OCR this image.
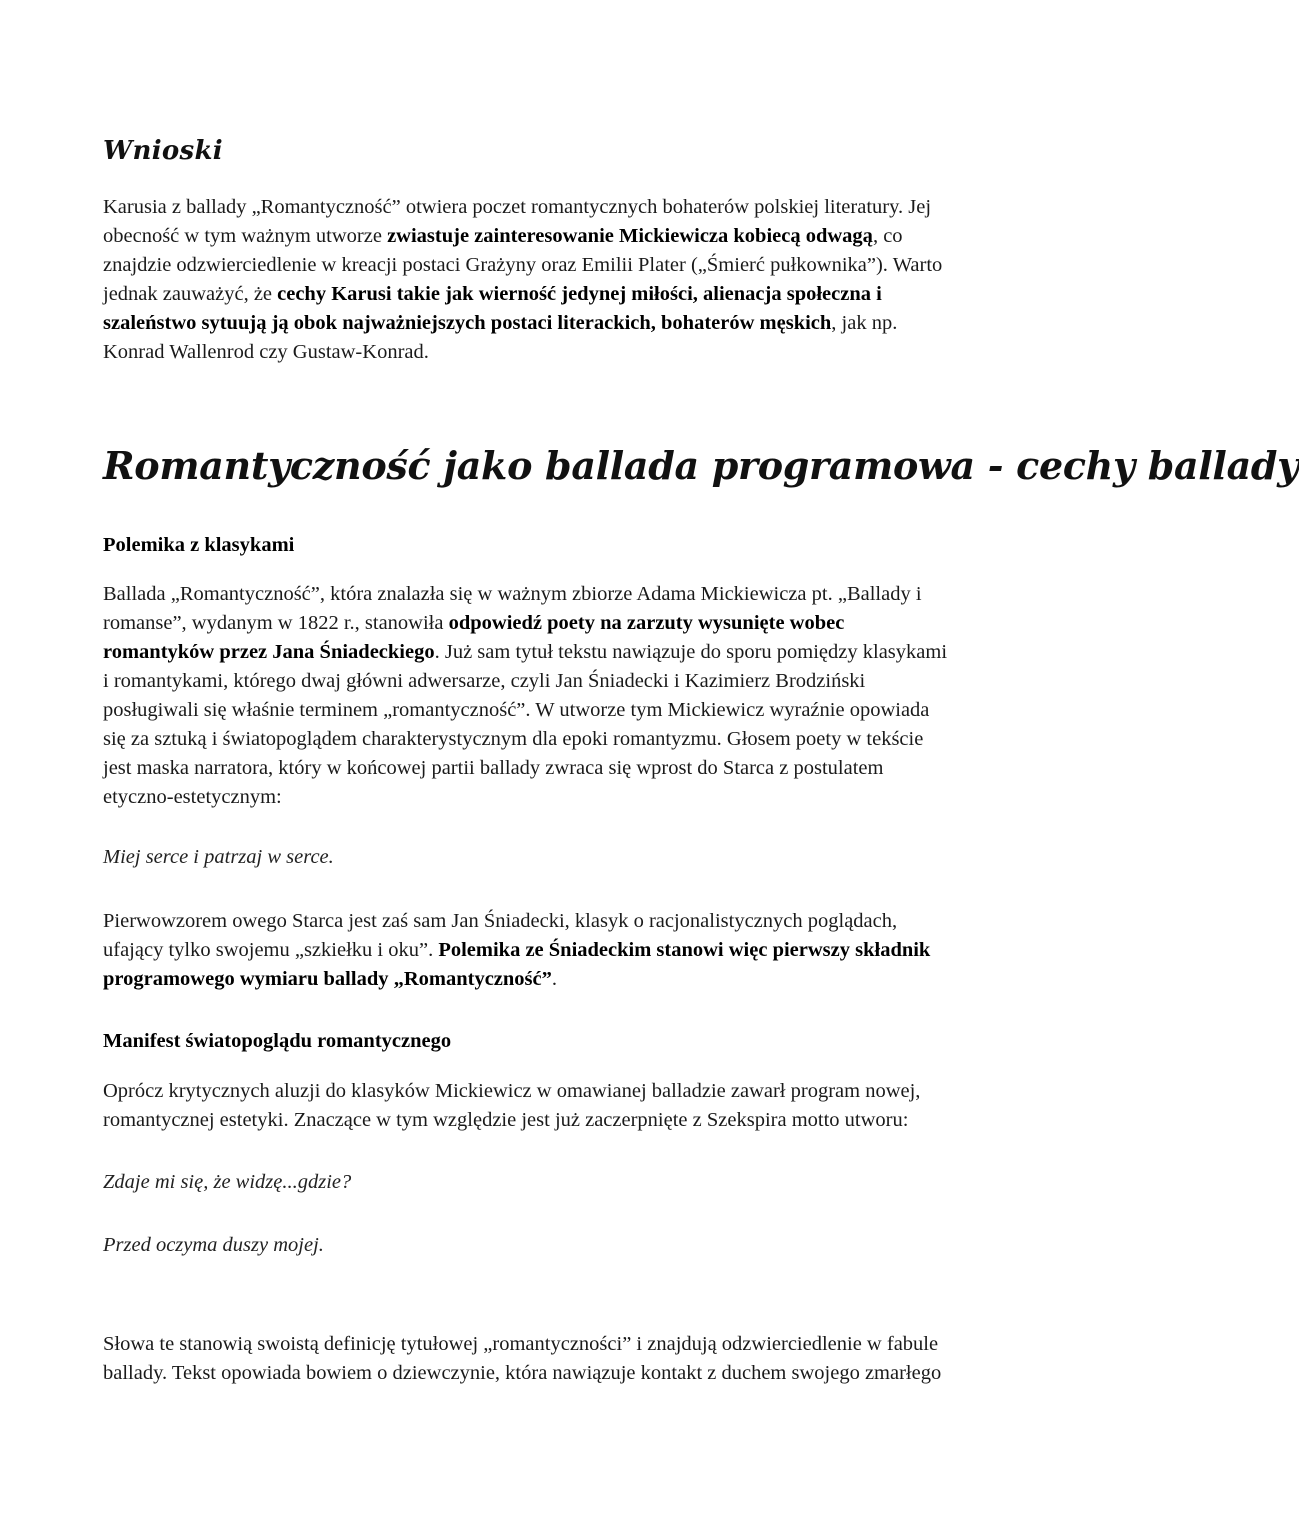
Wnioski
Karusia z ballady „Romantyczność” otwiera poczet romantycznych bohaterów polskiej literatury. Jej
obecność w tym ważnym utworze zwiastuje zainteresowanie Mickiewicza kobiecą odwagą, co
znajdzie odzwierciedlenie w kreacji postaci Grażyny oraz Emilii Plater („Śmierć pułkownika”). Warto
jednak zauważyć, że cechy Karusi takie jak wierność jedynej miłości, alienacja społeczna i
szaleństwo sytuują ją obok najważniejszych postaci literackich, bohaterów męskich, jak np.
Konrad Wallenrod czy Gustaw-Konrad.
Romantyczność jako ballada programowa - cechy ballady

Polemika z klasykami

Ballada „Romantyczność”, która znalazła się w ważnym zbiorze Adama Mickiewicza pt. „Ballady i
romanse”, wydanym w 1822 r., stanowiła odpowiedź poety na zarzuty wysunięte wobec
romantyków przez Jana Śniadeckiego. Już sam tytuł tekstu nawiązuje do sporu pomiędzy klasykami
i romantykami, którego dwaj główni adwersarze, czyli Jan Śniadecki i Kazimierz Brodziński
posługiwali się właśnie terminem „romantyczność”. W utworze tym Mickiewicz wyraźnie opowiada
się za sztuką i światopoglądem charakterystycznym dla epoki romantyzmu. Głosem poety w tekście
jest maska narratora, który w końcowej partii ballady zwraca się wprost do Starca z postulatem
etyczno-estetycznym:

Miej serce i patrzaj w serce.

Pierwowzorem owego Starca jest zaś sam Jan Śniadecki, klasyk o racjonalistycznych poglądach,
ufający tylko swojemu „szkiełku i oku”. Polemika ze Śniadeckim stanowi więc pierwszy składnik
programowego wymiaru ballady „Romantyczność”.

Manifest światopoglądu romantycznego

Oprócz krytycznych aluzji do klasyków Mickiewicz w omawianej balladzie zawarł program nowej,
romantycznej estetyki. Znaczące w tym względzie jest już zaczerpnięte z Szekspira motto utworu:

Zdaje mi się, że widzę...gdzie?

Przed oczyma duszy mojej.

Słowa te stanowią swoistą definicję tytułowej „romantyczności” i znajdują odzwierciedlenie w fabule
ballady. Tekst opowiada bowiem o dziewczynie, która nawiązuje kontakt z duchem swojego zmarłego
